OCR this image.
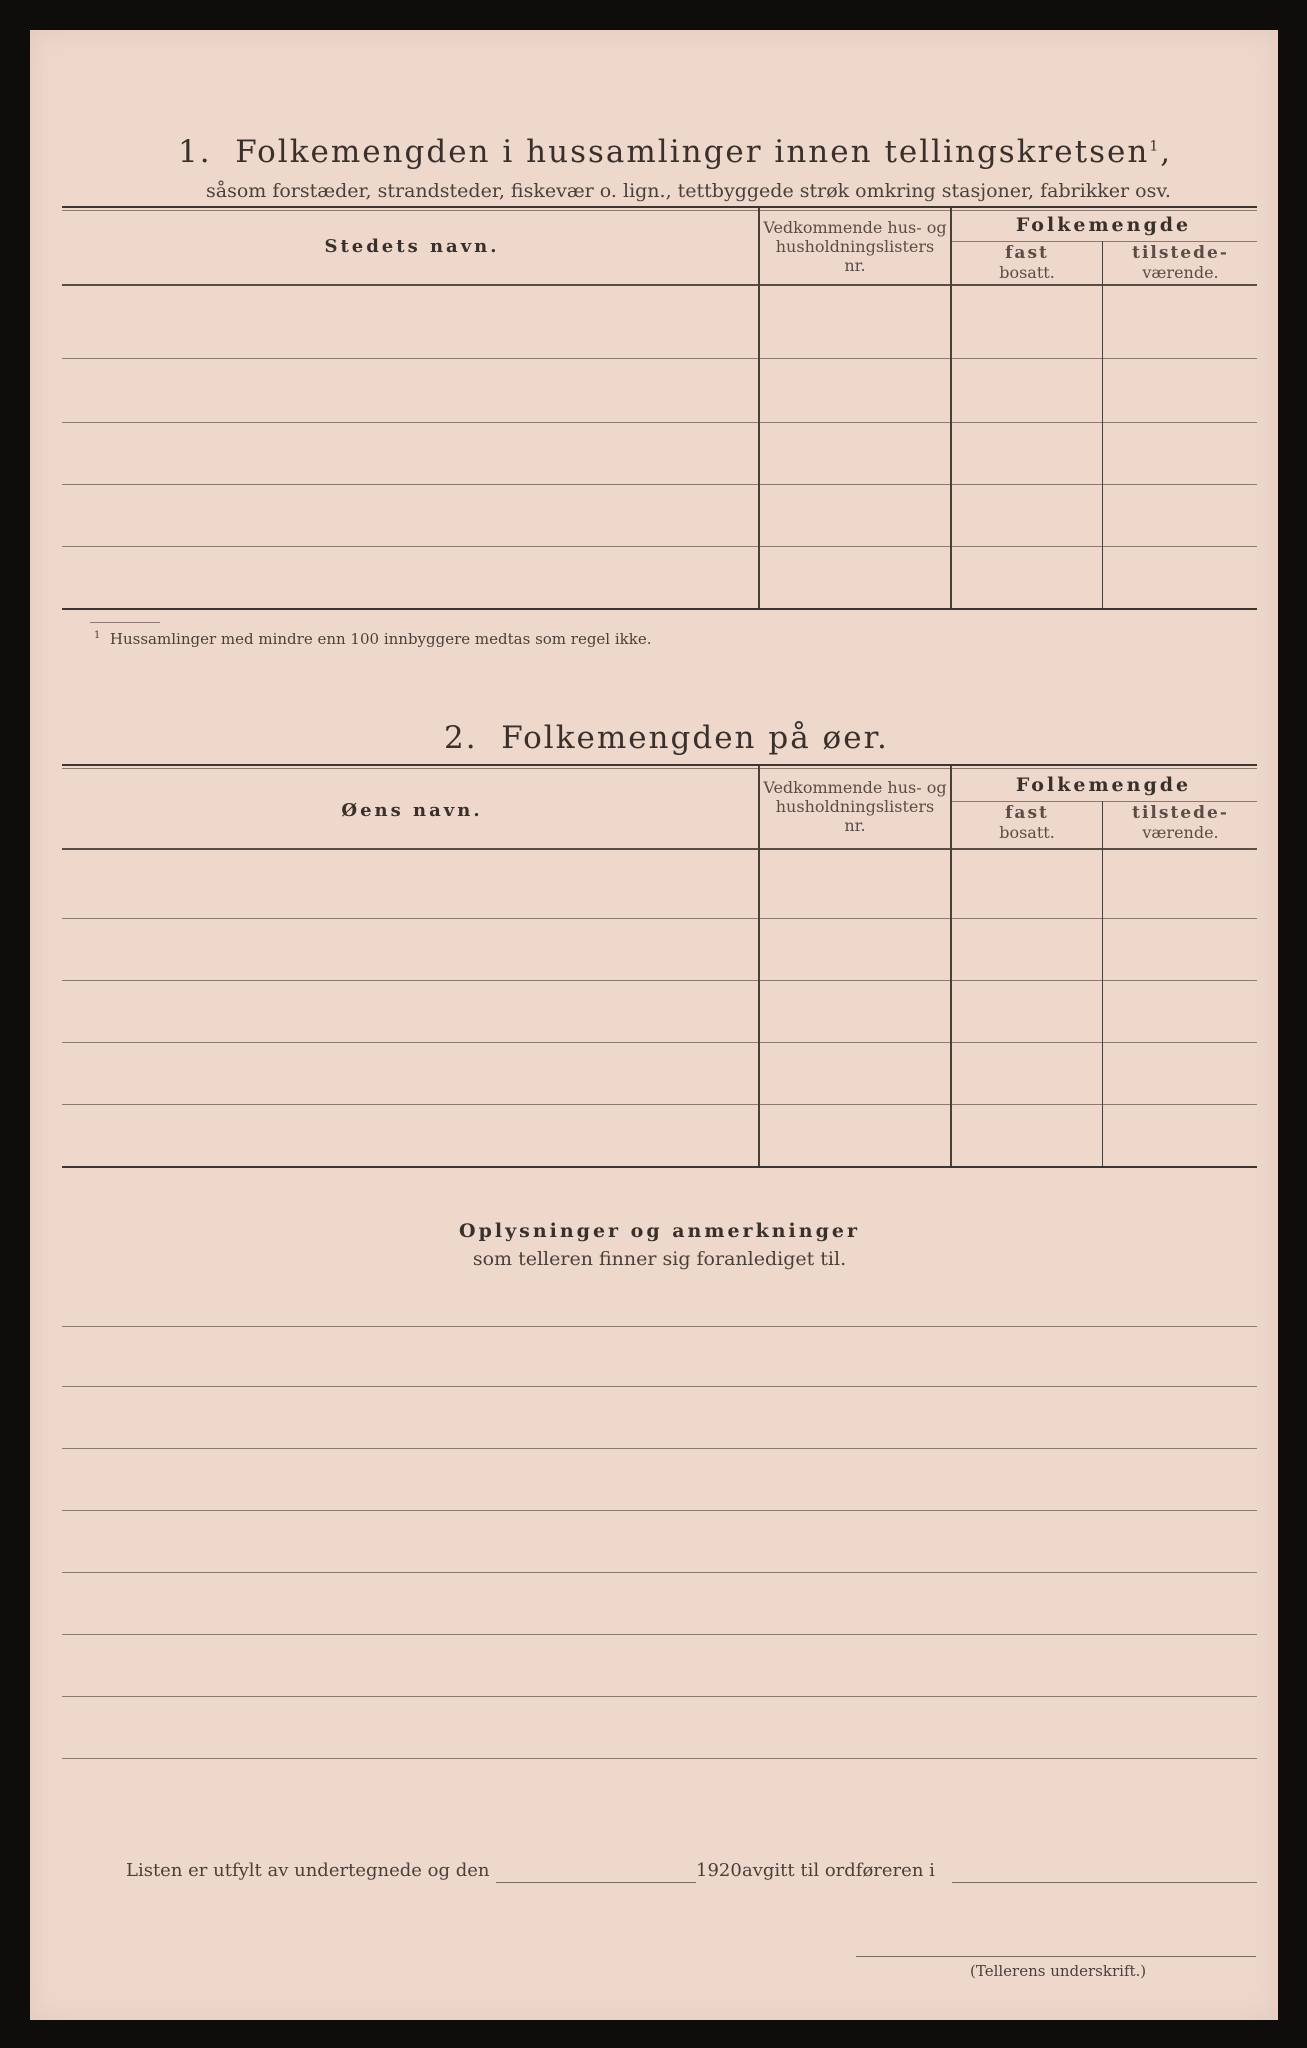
1. Folkemengden i hussamlinger innen tellingskretsen$^1$,
såsom forstæder, strandsteder, fiskevær o. lign., tettbyggede strøk omkring stasjoner, fabrikker osv.
Stedets navn.
Vedkommende hus- og
husholdningslisters
nr.
Folkemengde
fast
bosatt.
tilstede-
værende.
$^1$ Hussamlinger med mindre enn 100 innbyggere medtas som regel ikke.
2. Folkemengden på øer.
Øens navn.
Vedkommende hus- og
husholdningslisters
nr.
Folkemengde
fast
bosatt.
tilstede-
værende.
Oplysninger og anmerkninger
som telleren finner sig foranlediget til.
Listen er utfylt av undertegnede og den	1920 avgitt til ordføreren i
(Tellerens underskrift.)
